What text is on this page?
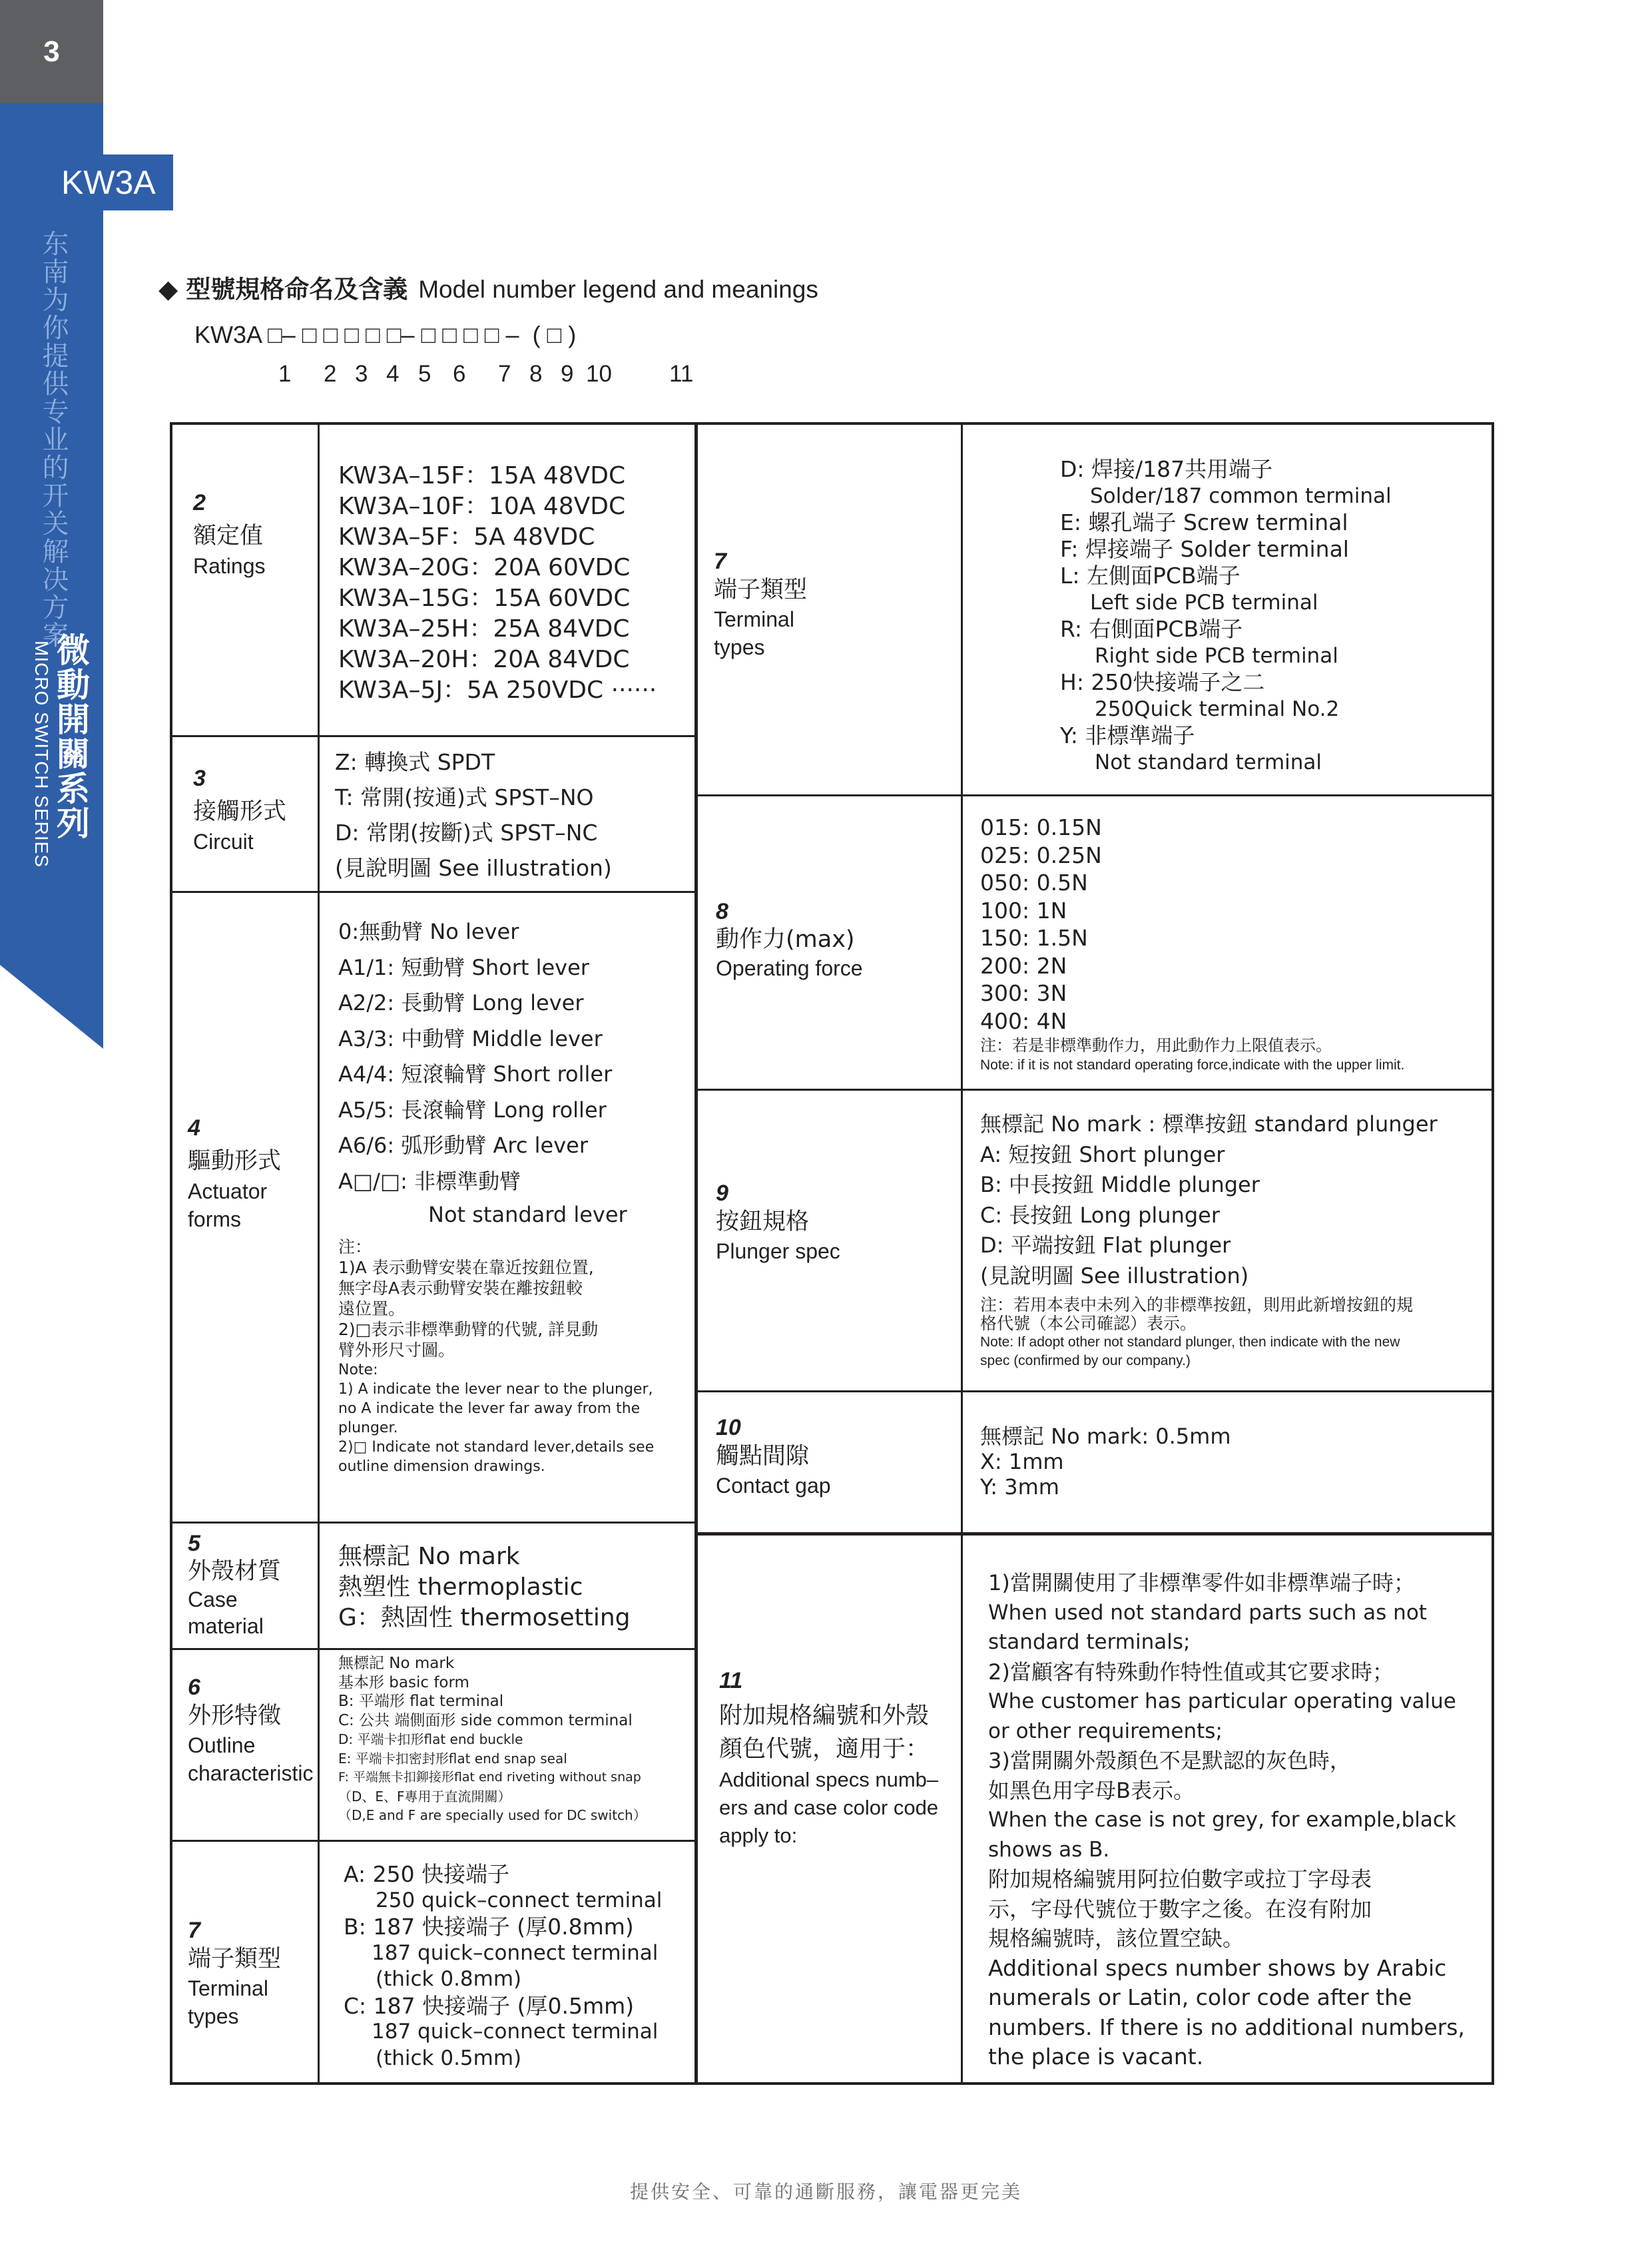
3
KW3A
东南为你提供专业的开关解决方案
微動開關系列
MICRO SWITCH SERIES
◆ 型號規格命名及含義 Model number legend and meanings
KW3A □– □ □ □ □ □– □ □ □ □ –  ( □ )
1 2 3 4 5 6 7 8 9 10 11
2
額定值
Ratings
KW3A–15F：15A 48VDC
KW3A–10F：10A 48VDC
KW3A–5F：5A 48VDC
KW3A–20G：20A 60VDC
KW3A–15G：15A 60VDC
KW3A–25H：25A 84VDC
KW3A–20H：20A 84VDC
KW3A–5J：5A 250VDC ······
3
接觸形式
Circuit
Z: 轉換式 SPDT
T: 常開(按通)式 SPST–NO
D: 常閉(按斷)式 SPST–NC
(見說明圖 See illustration)
4
驅動形式
Actuator
forms
0:無動臂 No lever
A1/1: 短動臂 Short lever
A2/2: 長動臂 Long lever
A3/3: 中動臂 Middle lever
A4/4: 短滾輪臂 Short roller
A5/5: 長滾輪臂 Long roller
A6/6: 弧形動臂 Arc lever
A□/□: 非標準動臂
Not standard lever
注：
1)A 表示動臂安裝在靠近按鈕位置,
無字母A表示動臂安裝在離按鈕較
遠位置。
2)□表示非標準動臂的代號, 詳見動
臂外形尺寸圖。
Note:
1) A indicate the lever near to the plunger,
no A indicate the lever far away from the
plunger.
2)□ Indicate not standard lever,details see
outline dimension drawings.
5
外殼材質
Case
material
無標記 No mark
熱塑性 thermoplastic
G：熱固性 thermosetting
6
外形特徵
Outline
characteristic
無標記 No mark
基本形 basic form
B: 平端形 flat terminal
C: 公共 端側面形 side common terminal
D: 平端卡扣形flat end buckle
E: 平端卡扣密封形flat end snap seal
F: 平端無卡扣鉚接形flat end riveting without snap
（D、E、F專用于直流開關）
（D,E and F are specially used for DC switch）
7
端子類型
Terminal
types
A: 250 快接端子
250 quick–connect terminal
B: 187 快接端子 (厚0.8mm)
187 quick–connect terminal
(thick 0.8mm)
C: 187 快接端子 (厚0.5mm)
187 quick–connect terminal
(thick 0.5mm)
7
端子類型
Terminal
types
D: 焊接/187共用端子
Solder/187 common terminal
E: 螺孔端子 Screw terminal
F: 焊接端子 Solder terminal
L: 左側面PCB端子
Left side PCB terminal
R: 右側面PCB端子
Right side PCB terminal
H: 250快接端子之二
250Quick terminal No.2
Y: 非標準端子
Not standard terminal
8
動作力(max)
Operating force
015: 0.15N
025: 0.25N
050: 0.5N
100: 1N
150: 1.5N
200: 2N
300: 3N
400: 4N
注：若是非標準動作力，用此動作力上限值表示。
Note: if it is not standard operating force,indicate with the upper limit.
9
按鈕規格
Plunger spec
無標記 No mark : 標準按鈕 standard plunger
A: 短按鈕 Short plunger
B: 中長按鈕 Middle plunger
C: 長按鈕 Long plunger
D: 平端按鈕 Flat plunger
(見說明圖 See illustration)
注：若用本表中未列入的非標準按鈕，則用此新增按鈕的規
格代號（本公司確認）表示。
Note: If adopt other not standard plunger, then indicate with the new
spec (confirmed by our company.)
10
觸點間隙
Contact gap
無標記 No mark: 0.5mm
X: 1mm
Y: 3mm
11
附加規格編號和外殼
顏色代號，適用于：
Additional specs numb–
ers and case color code
apply to:
1)當開關使用了非標準零件如非標準端子時；
When used not standard parts such as not
standard terminals;
2)當顧客有特殊動作特性值或其它要求時；
Whe customer has particular operating value
or other requirements;
3)當開關外殼顏色不是默認的灰色時，
如黑色用字母B表示。
When the case is not grey, for example,black
shows as B.
附加規格編號用阿拉伯數字或拉丁字母表
示，字母代號位于數字之後。在沒有附加
規格編號時，該位置空缺。
Additional specs number shows by Arabic
numerals or Latin, color code after the
numbers. If there is no additional numbers,
the place is vacant.
提供安全、可靠的通斷服務，讓電器更完美
